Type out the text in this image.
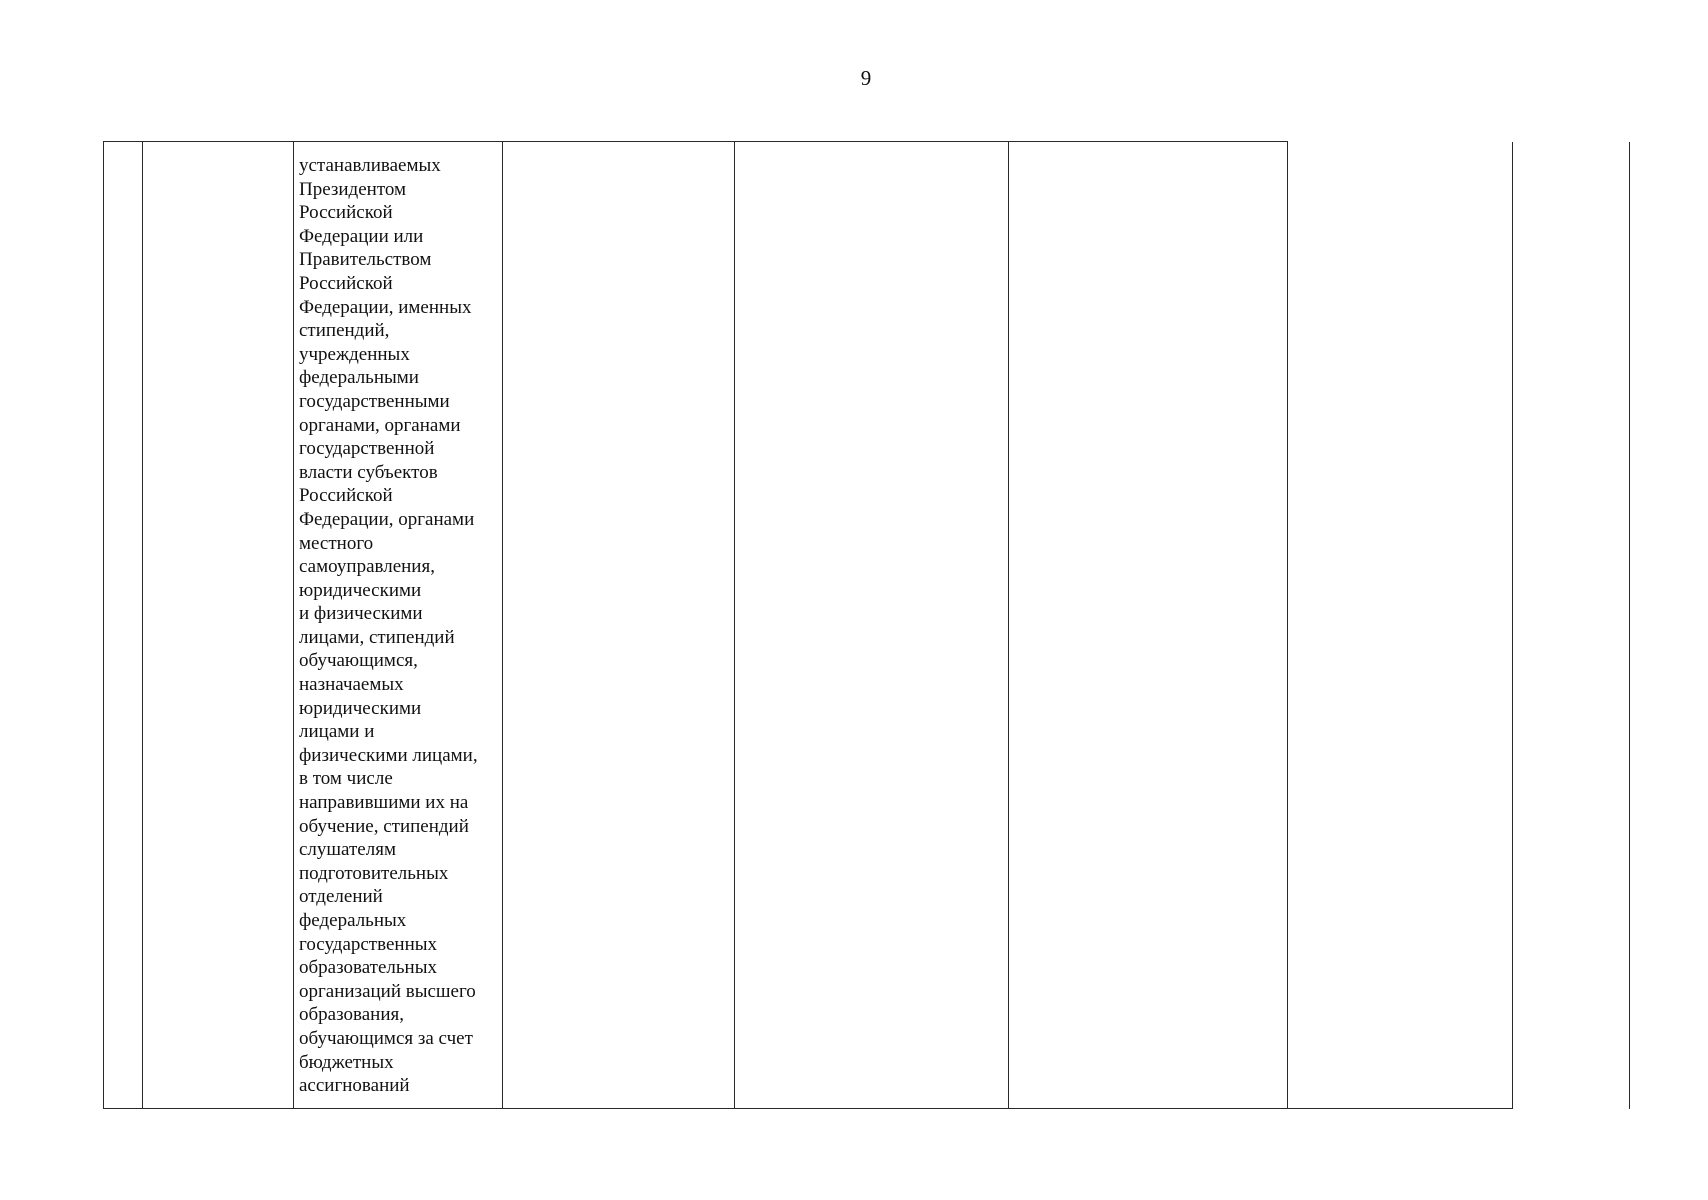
9

устанавливаемых
Президентом
Российской
Федерации или
Правительством
Российской
Федерации, именных
стипендий,
учрежденных
федеральными
государственными
органами, органами
государственной
власти субъектов
Российской
Федерации, органами
местного
самоуправления,
юридическими
и физическими
лицами, стипендий
обучающимся,
назначаемых
юридическими
лицами и
физическими лицами,
в том числе
направившими их на
обучение, стипендий
слушателям
подготовительных
отделений
федеральных
государственных
образовательных
организаций высшего
образования,
обучающимся за счет
бюджетных
ассигнований
